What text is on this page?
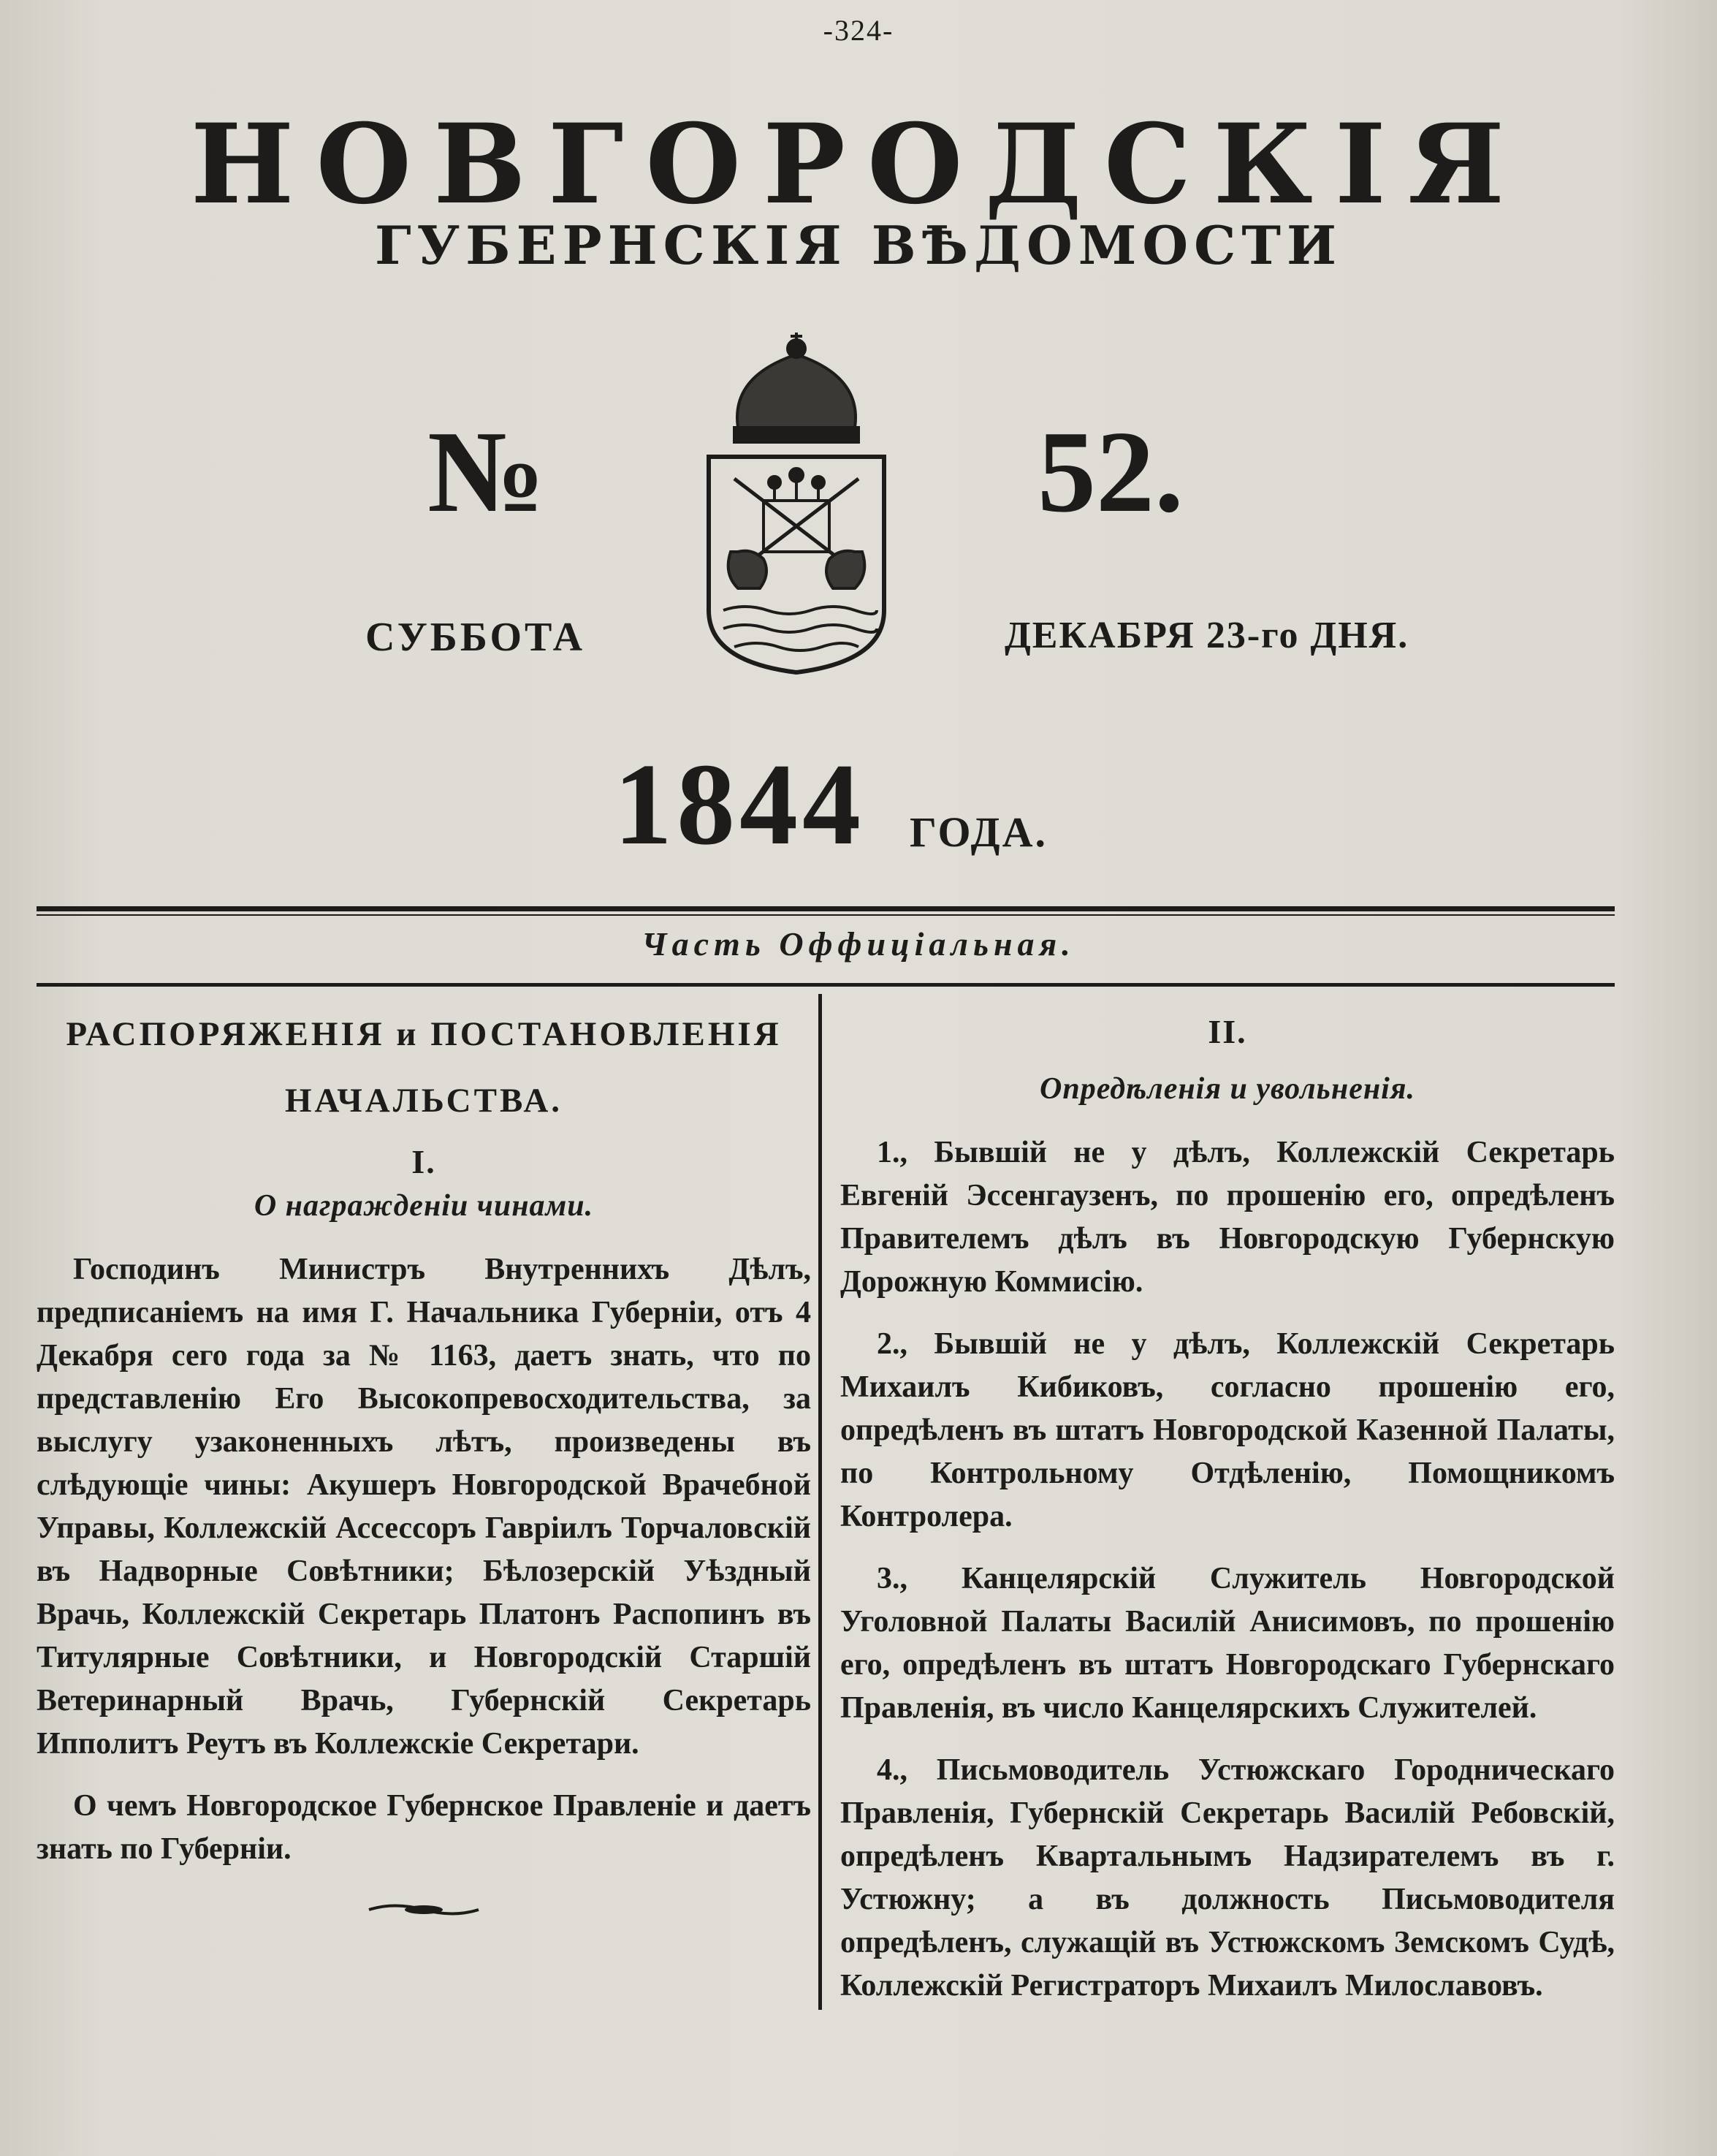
-324-
НОВГОРОДСКІЯ
ГУБЕРНСКІЯ ВѢДОМОСТИ
№	52.
СУББОТА	ДЕКАБРЯ 23-го ДНЯ.
1844 ГОДА.
Часть Оффиціальная.
РАСПОРЯЖЕНІЯ и ПОСТАНОВЛЕНІЯ
НАЧАЛЬСТВА.
I.
О награжденіи чинами.

Господинъ Министръ Внутреннихъ Дѣлъ, предписаніемъ на имя Г. Начальника Губерніи, отъ 4 Декабря сего года за № 1163, даетъ знать, что по представленію Его Высокопревосходительства, за выслугу узаконенныхъ лѣтъ, произведены въ слѣдующіе чины: Акушеръ Новгородской Врачебной Управы, Коллежскій Ассессоръ Гавріилъ Торчаловскій въ Надворные Совѣтники; Бѣлозерскій Уѣздный Врачь, Коллежскій Секретарь Платонъ Распопинъ въ Титулярные Совѣтники, и Новгородскій Старшій Ветеринарный Врачь, Губернскій Секретарь Ипполитъ Реутъ въ Коллежскіе Секретари.

О чемъ Новгородское Губернское Правленіе и даетъ знать по Губерніи.

II.
Опредѣленія и увольненія.

1., Бывшій не у дѣлъ, Коллежскій Секретарь Евгеній Эссенгаузенъ, по прошенію его, опредѣленъ Правителемъ дѣлъ въ Новгородскую Губернскую Дорожную Коммисію.

2., Бывшій не у дѣлъ, Коллежскій Секретарь Михаилъ Кибиковъ, согласно прошенію его, опредѣленъ въ штатъ Новгородской Казенной Палаты, по Контрольному Отдѣленію, Помощникомъ Контролера.

3., Канцелярскій Служитель Новгородской Уголовной Палаты Василій Анисимовъ, по прошенію его, опредѣленъ въ штатъ Новгородскаго Губернскаго Правленія, въ число Канцелярскихъ Служителей.

4., Письмоводитель Устюжскаго Городническаго Правленія, Губернскій Секретарь Василій Ребовскій, опредѣленъ Квартальнымъ Надзирателемъ въ г. Устюжну; а въ должность Письмоводителя опредѣленъ, служащій въ Устюжскомъ Земскомъ Судѣ, Коллежскій Регистраторъ Михаилъ Милославовъ.
